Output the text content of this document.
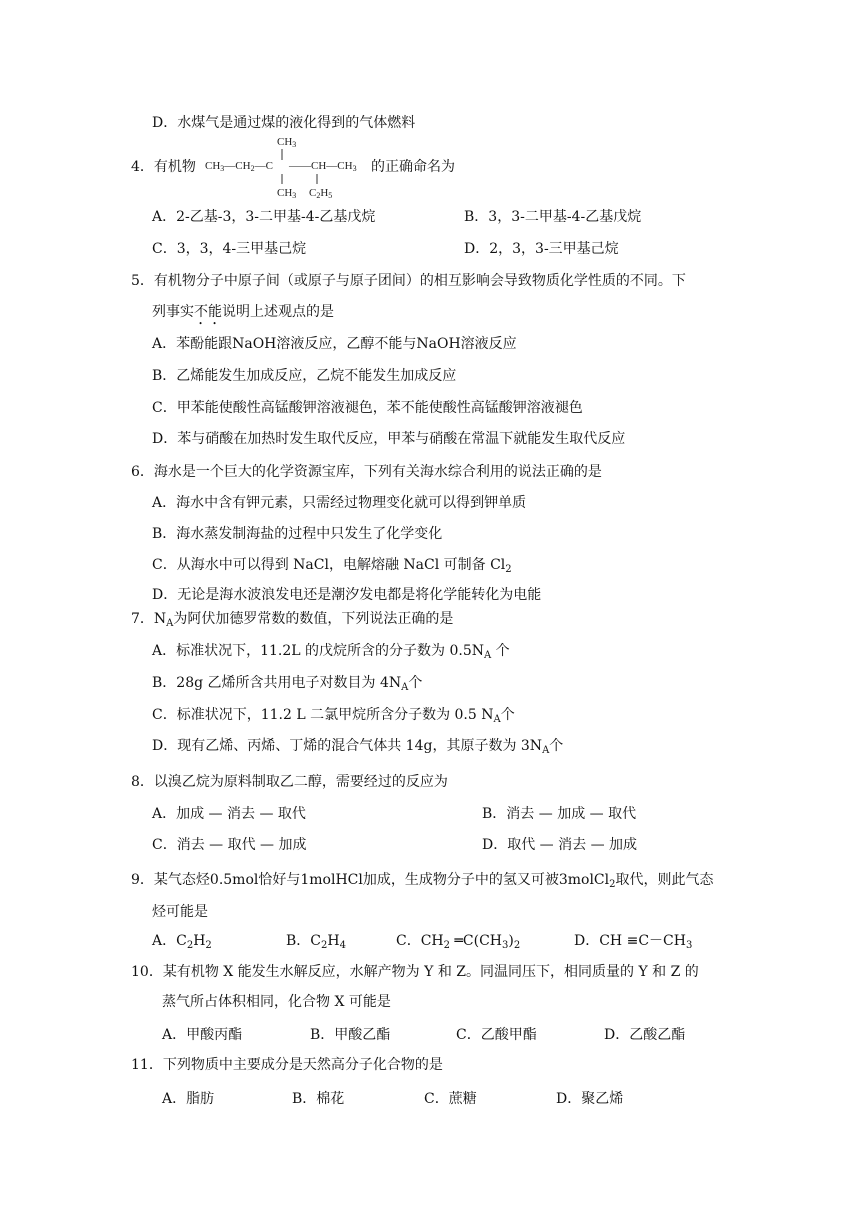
D．水煤气是通过煤的液化得到的气体燃料
4．有机物
CH3
CH3—CH2—C ——CH—CH3
CH3 C2H5
的正确命名为
A．2-乙基-3，3-二甲基-4-乙基戊烷	B．3，3-二甲基-4-乙基戊烷
C．3，3，4-三甲基己烷	D．2，3，3-三甲基己烷
5．有机物分子中原子间（或原子与原子团间）的相互影响会导致物质化学性质的不同。下
列事实不能说明上述观点的是
A．苯酚能跟NaOH溶液反应，乙醇不能与NaOH溶液反应
B．乙烯能发生加成反应，乙烷不能发生加成反应
C．甲苯能使酸性高锰酸钾溶液褪色，苯不能使酸性高锰酸钾溶液褪色
D．苯与硝酸在加热时发生取代反应，甲苯与硝酸在常温下就能发生取代反应
6．海水是一个巨大的化学资源宝库，下列有关海水综合利用的说法正确的是
A．海水中含有钾元素，只需经过物理变化就可以得到钾单质
B．海水蒸发制海盐的过程中只发生了化学变化
C．从海水中可以得到 NaCl，电解熔融 NaCl 可制备 $Cl_2$
D．无论是海水波浪发电还是潮汐发电都是将化学能转化为电能
7．$N_A$为阿伏加德罗常数的数值，下列说法正确的是
A．标准状况下，11.2L 的戊烷所含的分子数为 $0.5N_A$ 个
B．28g 乙烯所含共用电子对数目为 $4N_A$个
C．标准状况下，11.2 L 二氯甲烷所含分子数为 0.5 $N_A$个
D．现有乙烯、丙烯、丁烯的混合气体共 14g，其原子数为 $3N_A$个
8．以溴乙烷为原料制取乙二醇，需要经过的反应为
A．加成 — 消去 — 取代	B．消去 — 加成 — 取代
C．消去 — 取代 — 加成	D．取代 — 消去 — 加成
9．某气态烃0.5mol恰好与1molHCl加成，生成物分子中的氢又可被3molCl$_2$取代，则此气态
烃可能是
A．$C_2H_2$	B．$C_2H_4$	C．$CH_2$ $═C(CH_3)_2$	D．CH $\equiv C-CH_3$
10．某有机物 X 能发生水解反应，水解产物为 Y 和 Z。同温同压下，相同质量的 Y 和 Z 的
蒸气所占体积相同，化合物 X 可能是
A．甲酸丙酯	B．甲酸乙酯	C．乙酸甲酯	D．乙酸乙酯
11．下列物质中主要成分是天然高分子化合物的是
A．脂肪	B．棉花	C．蔗糖	D．聚乙烯
